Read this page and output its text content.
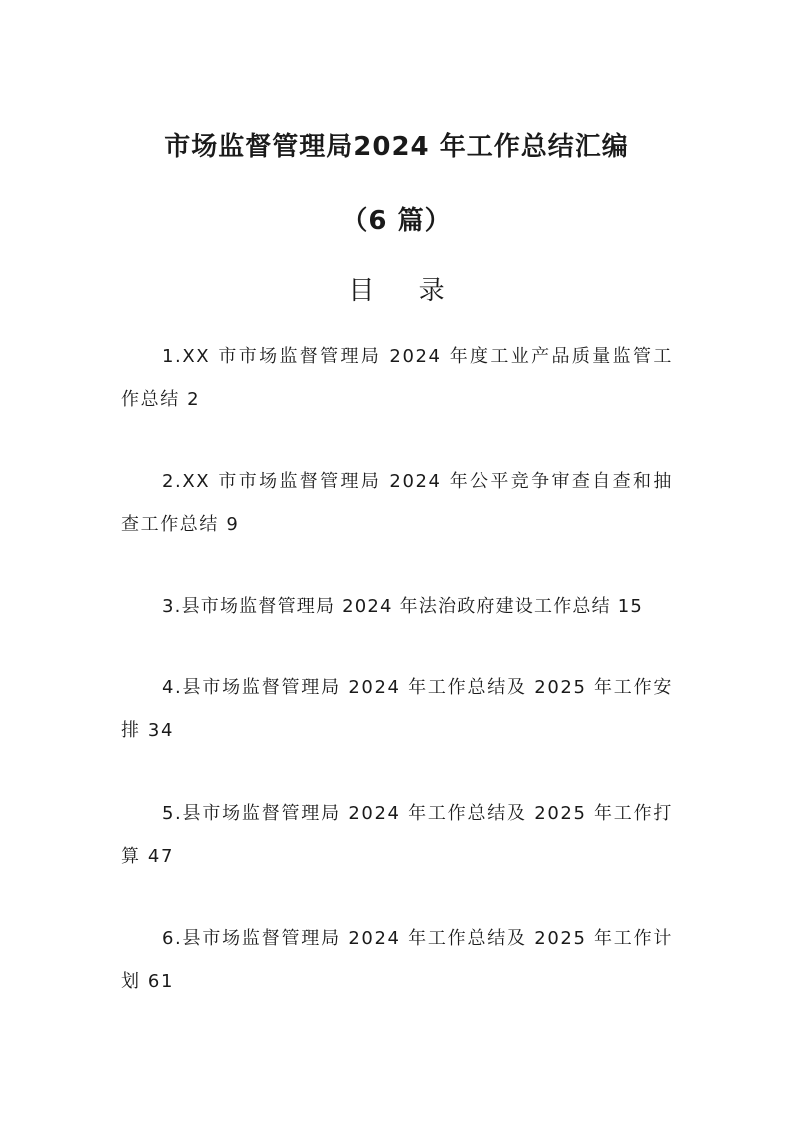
市场监督管理局2024 年工作总结汇编
（6 篇）
目 录
1.XX 市市场监督管理局 2024 年度工业产品质量监管工作总结 2
2.XX 市市场监督管理局 2024 年公平竞争审查自查和抽查工作总结 9
3.县市场监督管理局 2024 年法治政府建设工作总结 15
4.县市场监督管理局 2024 年工作总结及 2025 年工作安排 34
5.县市场监督管理局 2024 年工作总结及 2025 年工作打算 47
6.县市场监督管理局 2024 年工作总结及 2025 年工作计划 61
